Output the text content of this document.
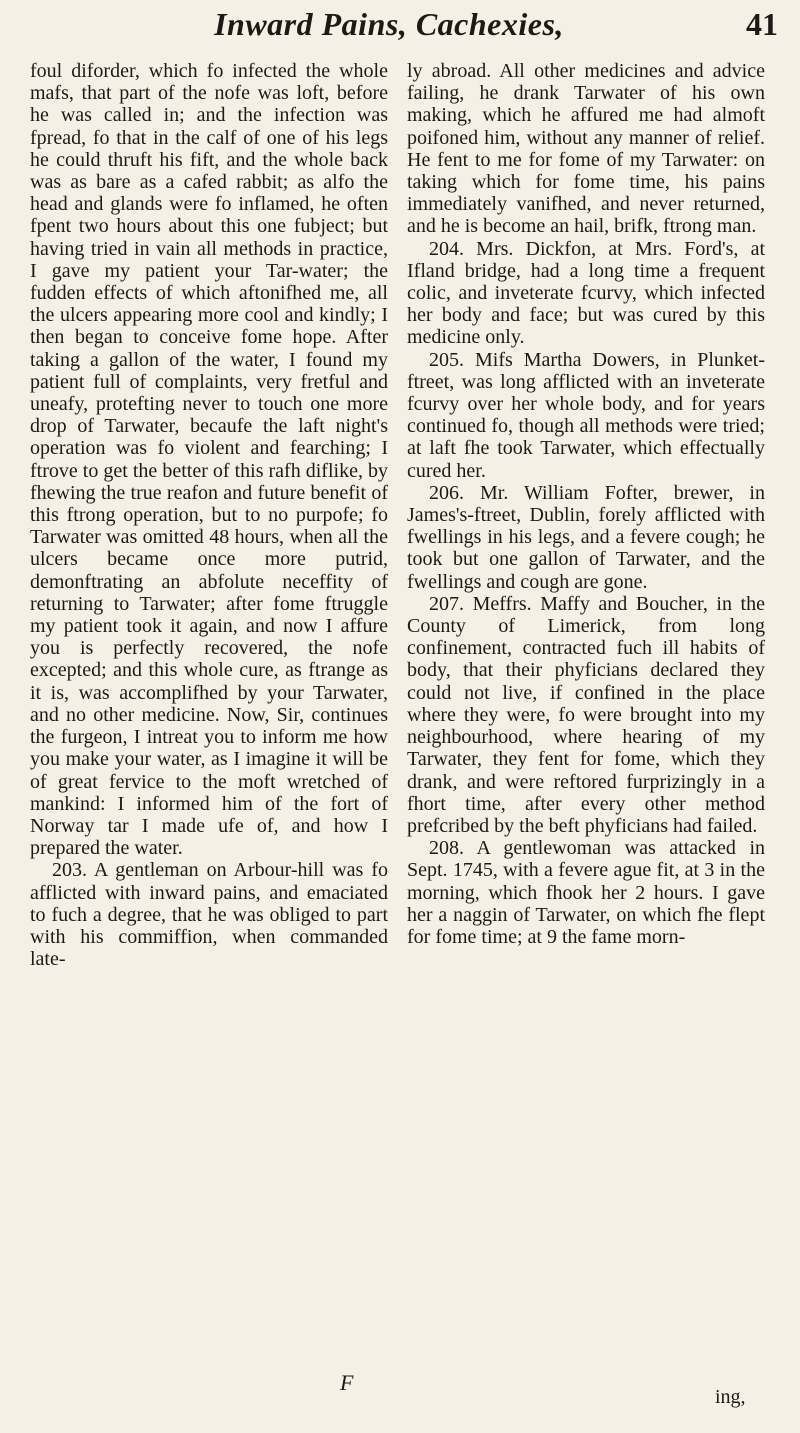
Inward Pains, Cachexies,	41

foul diforder, which fo infected the whole mafs, that part of the nofe was loft, before he was called in; and the infection was fpread, fo that in the calf of one of his legs he could thruft his fift, and the whole back was as bare as a cafed rabbit; as alfo the head and glands were fo inflamed, he often fpent two hours about this one fubject; but having tried in vain all methods in practice, I gave my patient your Tar-water; the fudden effects of which aftonifhed me, all the ulcers appearing more cool and kindly; I then began to conceive fome hope. After taking a gallon of the water, I found my patient full of complaints, very fretful and uneafy, protefting never to touch one more drop of Tarwater, becaufe the laft night's operation was fo violent and fearching; I ftrove to get the better of this rafh diflike, by fhewing the true reafon and future benefit of this ftrong operation, but to no purpofe; fo Tarwater was omitted 48 hours, when all the ulcers became once more putrid, demonftrating an abfolute neceffity of returning to Tarwater; after fome ftruggle my patient took it again, and now I affure you is perfectly recovered, the nofe excepted; and this whole cure, as ftrange as it is, was accomplifhed by your Tarwater, and no other medicine. Now, Sir, continues the furgeon, I intreat you to inform me how you make your water, as I imagine it will be of great fervice to the moft wretched of mankind: I informed him of the fort of Norway tar I made ufe of, and how I prepared the water.

203. A gentleman on Arbour-hill was fo afflicted with inward pains, and emaciated to fuch a degree, that he was obliged to part with his commiffion, when commanded late-

ly abroad. All other medicines and advice failing, he drank Tarwater of his own making, which he affured me had almoft poifoned him, without any manner of relief. He fent to me for fome of my Tarwater: on taking which for fome time, his pains immediately vanifhed, and never returned, and he is become an hail, brifk, ftrong man.

204. Mrs. Dickfon, at Mrs. Ford's, at Ifland bridge, had a long time a frequent colic, and inveterate fcurvy, which infected her body and face; but was cured by this medicine only.

205. Mifs Martha Dowers, in Plunket-ftreet, was long afflicted with an inveterate fcurvy over her whole body, and for years continued fo, though all methods were tried; at laft fhe took Tarwater, which effectually cured her.

206. Mr. William Fofter, brewer, in James's-ftreet, Dublin, forely afflicted with fwellings in his legs, and a fevere cough; he took but one gallon of Tarwater, and the fwellings and cough are gone.

207. Meffrs. Maffy and Boucher, in the County of Limerick, from long confinement, contracted fuch ill habits of body, that their phyficians declared they could not live, if confined in the place where they were, fo were brought into my neighbourhood, where hearing of my Tarwater, they fent for fome, which they drank, and were reftored furprizingly in a fhort time, after every other method prefcribed by the beft phyficians had failed.

208. A gentlewoman was attacked in Sept. 1745, with a fevere ague fit, at 3 in the morning, which fhook her 2 hours. I gave her a naggin of Tarwater, on which fhe flept for fome time; at 9 the fame morn-

F
ing,
